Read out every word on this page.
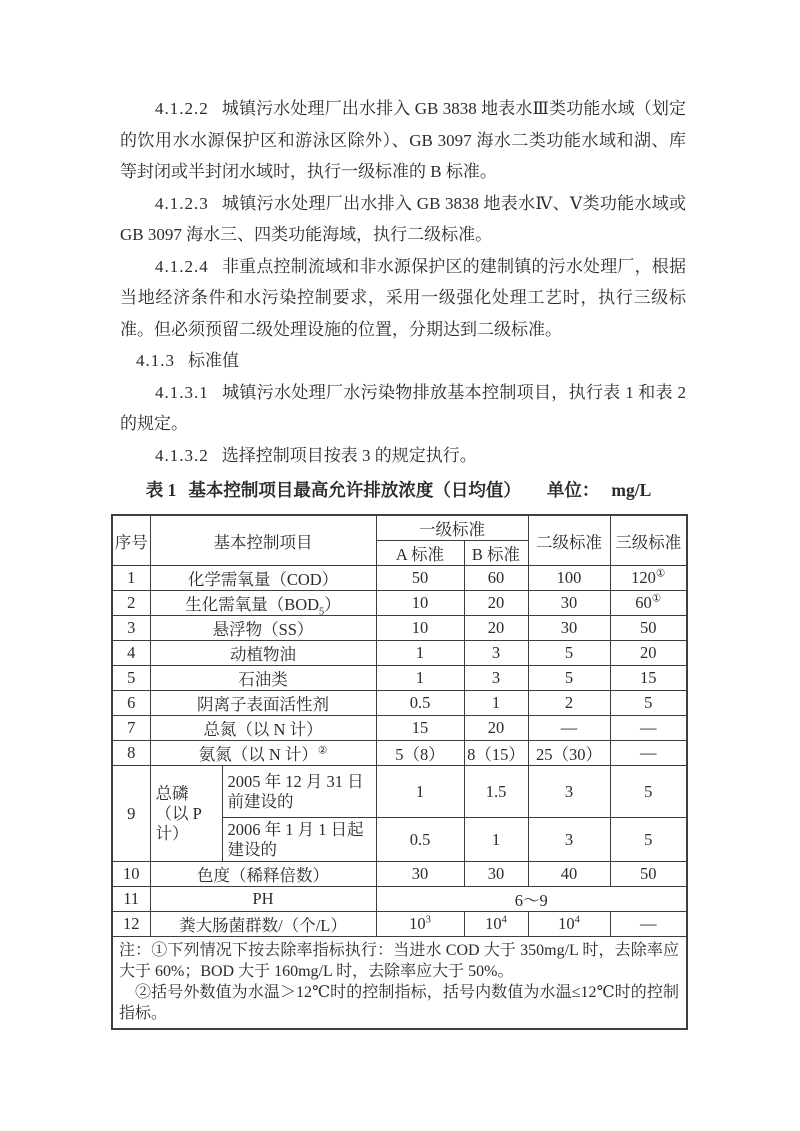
4.1.2.2 城镇污水处理厂出水排入 GB 3838 地表水Ⅲ类功能水域（划定的饮用水水源保护区和游泳区除外）、GB 3097 海水二类功能水域和湖、库等封闭或半封闭水域时，执行一级标准的 B 标准。

4.1.2.3 城镇污水处理厂出水排入 GB 3838 地表水Ⅳ、Ⅴ类功能水域或 GB 3097 海水三、四类功能海域，执行二级标准。

4.1.2.4 非重点控制流域和非水源保护区的建制镇的污水处理厂，根据当地经济条件和水污染控制要求，采用一级强化处理工艺时，执行三级标准。但必须预留二级处理设施的位置，分期达到二级标准。

4.1.3 标准值

4.1.3.1 城镇污水处理厂水污染物排放基本控制项目，执行表 1 和表 2 的规定。

4.1.3.2 选择控制项目按表 3 的规定执行。

表 1 基本控制项目最高允许排放浓度（日均值） 单位： mg/L
序号	基本控制项目		一级标准		二级标准	三级标准
			A 标准	B 标准		
1	化学需氧量（COD）		50	60	100	120①
2	生化需氧量$(BOD_5)$		10	20	30	60①
3	悬浮物（SS）		10	20	30	50
4	动植物油		1	3	5	20
5	石油类		1	3	5	15
6	阴离子表面活性剂		0.5	1	2	5
7	总氮（以 N 计）		15	20	—	—
8	氨氮（以 N 计）②		5（8）	8（15）	25（30）	—
9	总磷（以 P 计）	2005 年 12 月 31 日前建设的	1	1.5	3	5
		2006 年 1 月 1 日起建设的	0.5	1	3	5
10	色度（稀释倍数）		30	30	40	50
11	PH		6～9			
12	粪大肠菌群数/（个/L）		$10^3$	$10^4$	$10^4$	—

注：①下列情况下按去除率指标执行：当进水 COD 大于 350mg/L 时，去除率应大于 60%；BOD 大于 160mg/L 时，去除率应大于 50%。

②括号外数值为水温＞12℃时的控制指标，括号内数值为水温≤12℃时的控制指标。						
